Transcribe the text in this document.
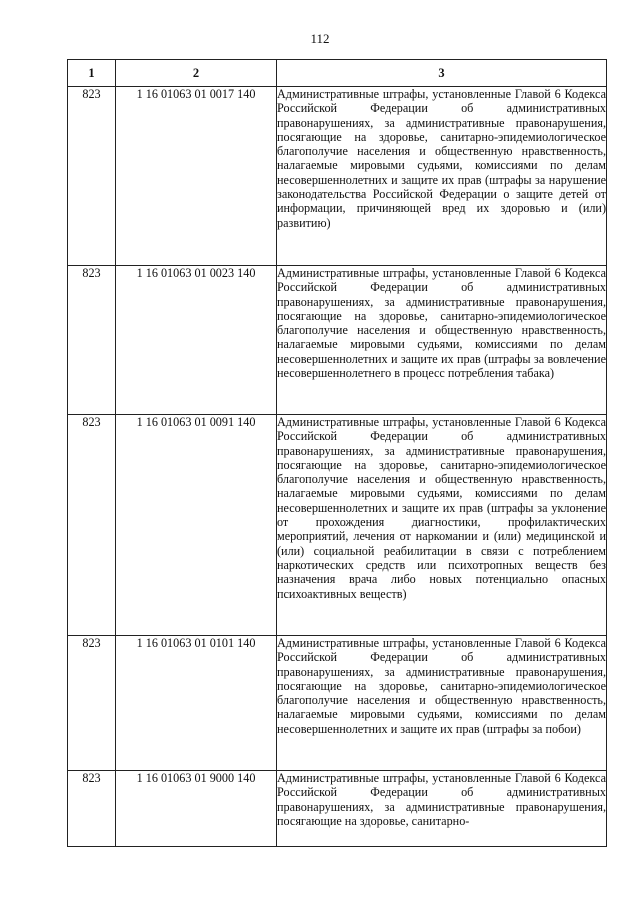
112
1	2	3
823	1 16 01063 01 0017 140	Административные штрафы, установленные Главой 6 Кодекса Российской Федерации об административных правонарушениях, за административные правонарушения, посягающие на здоровье, санитарно-эпидемиологическое благополучие населения и общественную нравственность, налагаемые мировыми судьями, комиссиями по делам несовершеннолетних и защите их прав (штрафы за нарушение законодательства Российской Федерации о защите детей от информации, причиняющей вред их здоровью и (или) развитию)
823	1 16 01063 01 0023 140	Административные штрафы, установленные Главой 6 Кодекса Российской Федерации об административных правонарушениях, за административные правонарушения, посягающие на здоровье, санитарно-эпидемиологическое благополучие населения и общественную нравственность, налагаемые мировыми судьями, комиссиями по делам несовершеннолетних и защите их прав (штрафы за вовлечение несовершеннолетнего в процесс потребления табака)
823	1 16 01063 01 0091 140	Административные штрафы, установленные Главой 6 Кодекса Российской Федерации об административных правонарушениях, за административные правонарушения, посягающие на здоровье, санитарно-эпидемиологическое благополучие населения и общественную нравственность, налагаемые мировыми судьями, комиссиями по делам несовершеннолетних и защите их прав (штрафы за уклонение от прохождения диагностики, профилактических мероприятий, лечения от наркомании и (или) медицинской и (или) социальной реабилитации в связи с потреблением наркотических средств или психотропных веществ без назначения врача либо новых потенциально опасных психоактивных веществ)
823	1 16 01063 01 0101 140	Административные штрафы, установленные Главой 6 Кодекса Российской Федерации об административных правонарушениях, за административные правонарушения, посягающие на здоровье, санитарно-эпидемиологическое благополучие населения и общественную нравственность, налагаемые мировыми судьями, комиссиями по делам несовершеннолетних и защите их прав (штрафы за побои)
823	1 16 01063 01 9000 140	Административные штрафы, установленные Главой 6 Кодекса Российской Федерации об административных правонарушениях, за административные правонарушения, посягающие на здоровье, санитарно-
